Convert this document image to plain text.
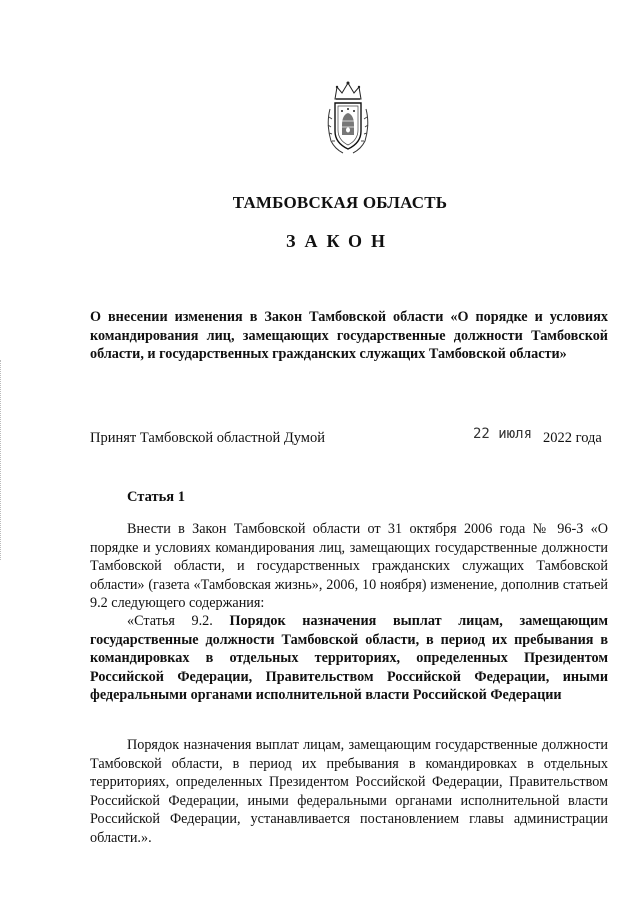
ТАМБОВСКАЯ ОБЛАСТЬ
ЗАКОН
О внесении изменения в Закон Тамбовской области «О порядке и условиях командирования лиц, замещающих государственные должности Тамбовской области, и государственных гражданских служащих Тамбовской области»
Принят Тамбовской областной Думой	22 июля 2022 года
Статья 1
Внести в Закон Тамбовской области от 31 октября 2006 года № 96-З «О порядке и условиях командирования лиц, замещающих государственные должности Тамбовской области, и государственных гражданских служащих Тамбовской области» (газета «Тамбовская жизнь», 2006, 10 ноября) изменение, дополнив статьей 9.2 следующего содержания:
«Статья 9.2. Порядок назначения выплат лицам, замещающим государственные должности Тамбовской области, в период их пребывания в командировках в отдельных территориях, определенных Президентом Российской Федерации, Правительством Российской Федерации, иными федеральными органами исполнительной власти Российской Федерации
Порядок назначения выплат лицам, замещающим государственные должности Тамбовской области, в период их пребывания в командировках в отдельных территориях, определенных Президентом Российской Федерации, Правительством Российской Федерации, иными федеральными органами исполнительной власти Российской Федерации, устанавливается постановлением главы администрации области.».
